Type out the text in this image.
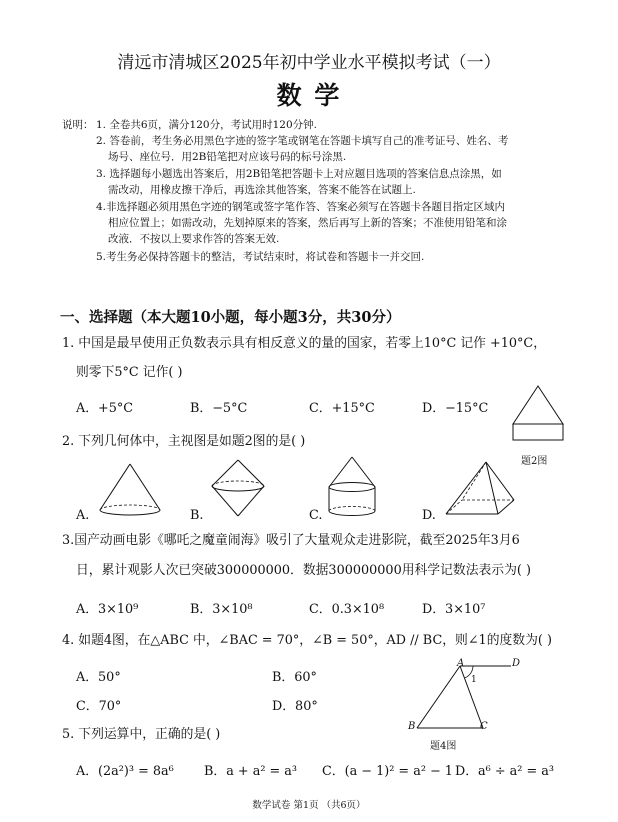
清远市清城区2025年初中学业水平模拟考试（一）
数 学
说明： 1. 全卷共6页，满分120分，考试用时120分钟.
2. 答卷前，考生务必用黑色字迹的签字笔或钢笔在答题卡填写自己的准考证号、姓名、考
场号、座位号．用2B铅笔把对应该号码的标号涂黑.
3. 选择题每小题选出答案后，用2B铅笔把答题卡上对应题目选项的答案信息点涂黑，如
需改动，用橡皮擦干净后，再选涂其他答案，答案不能答在试题上.
4.非选择题必须用黑色字迹的钢笔或签字笔作答、答案必须写在答题卡各题目指定区域内
相应位置上；如需改动，先划掉原来的答案，然后再写上新的答案；不准使用铅笔和涂
改液．不按以上要求作答的答案无效.
5.考生务必保持答题卡的整洁，考试结束时，将试卷和答题卡一并交回.
一、选择题（本大题10小题，每小题3分，共30分）
1. 中国是最早使用正负数表示具有相反意义的量的国家，若零上10°C 记作 +10°C，
则零下5°C 记作( )
A．+5°C	B．−5°C	C．+15°C	D．−15°C
题2图
2. 下列几何体中，主视图是如题2图的是( )
A.	B.	C.	D.
3.国产动画电影《哪吒之魔童闹海》吸引了大量观众走进影院，截至2025年3月6
日，累计观影人次已突破300000000．数据300000000用科学记数法表示为( )
A．3×10⁹	B．3×10⁸	C．0.3×10⁸	D．3×10⁷
4. 如题4图，在△ABC 中，∠BAC = 70°，∠B = 50°，AD // BC，则∠1的度数为( )
A．50°	B．60°
C．70°	D．80°
A	D
B	C
1
题4图
5. 下列运算中，正确的是( )
A．(2a²)³ = 8a⁶ B．a + a² = a³ C．(a − 1)² = a² − 1 D．a⁶ ÷ a² = a³
数学试卷 第1页 （共6页）
